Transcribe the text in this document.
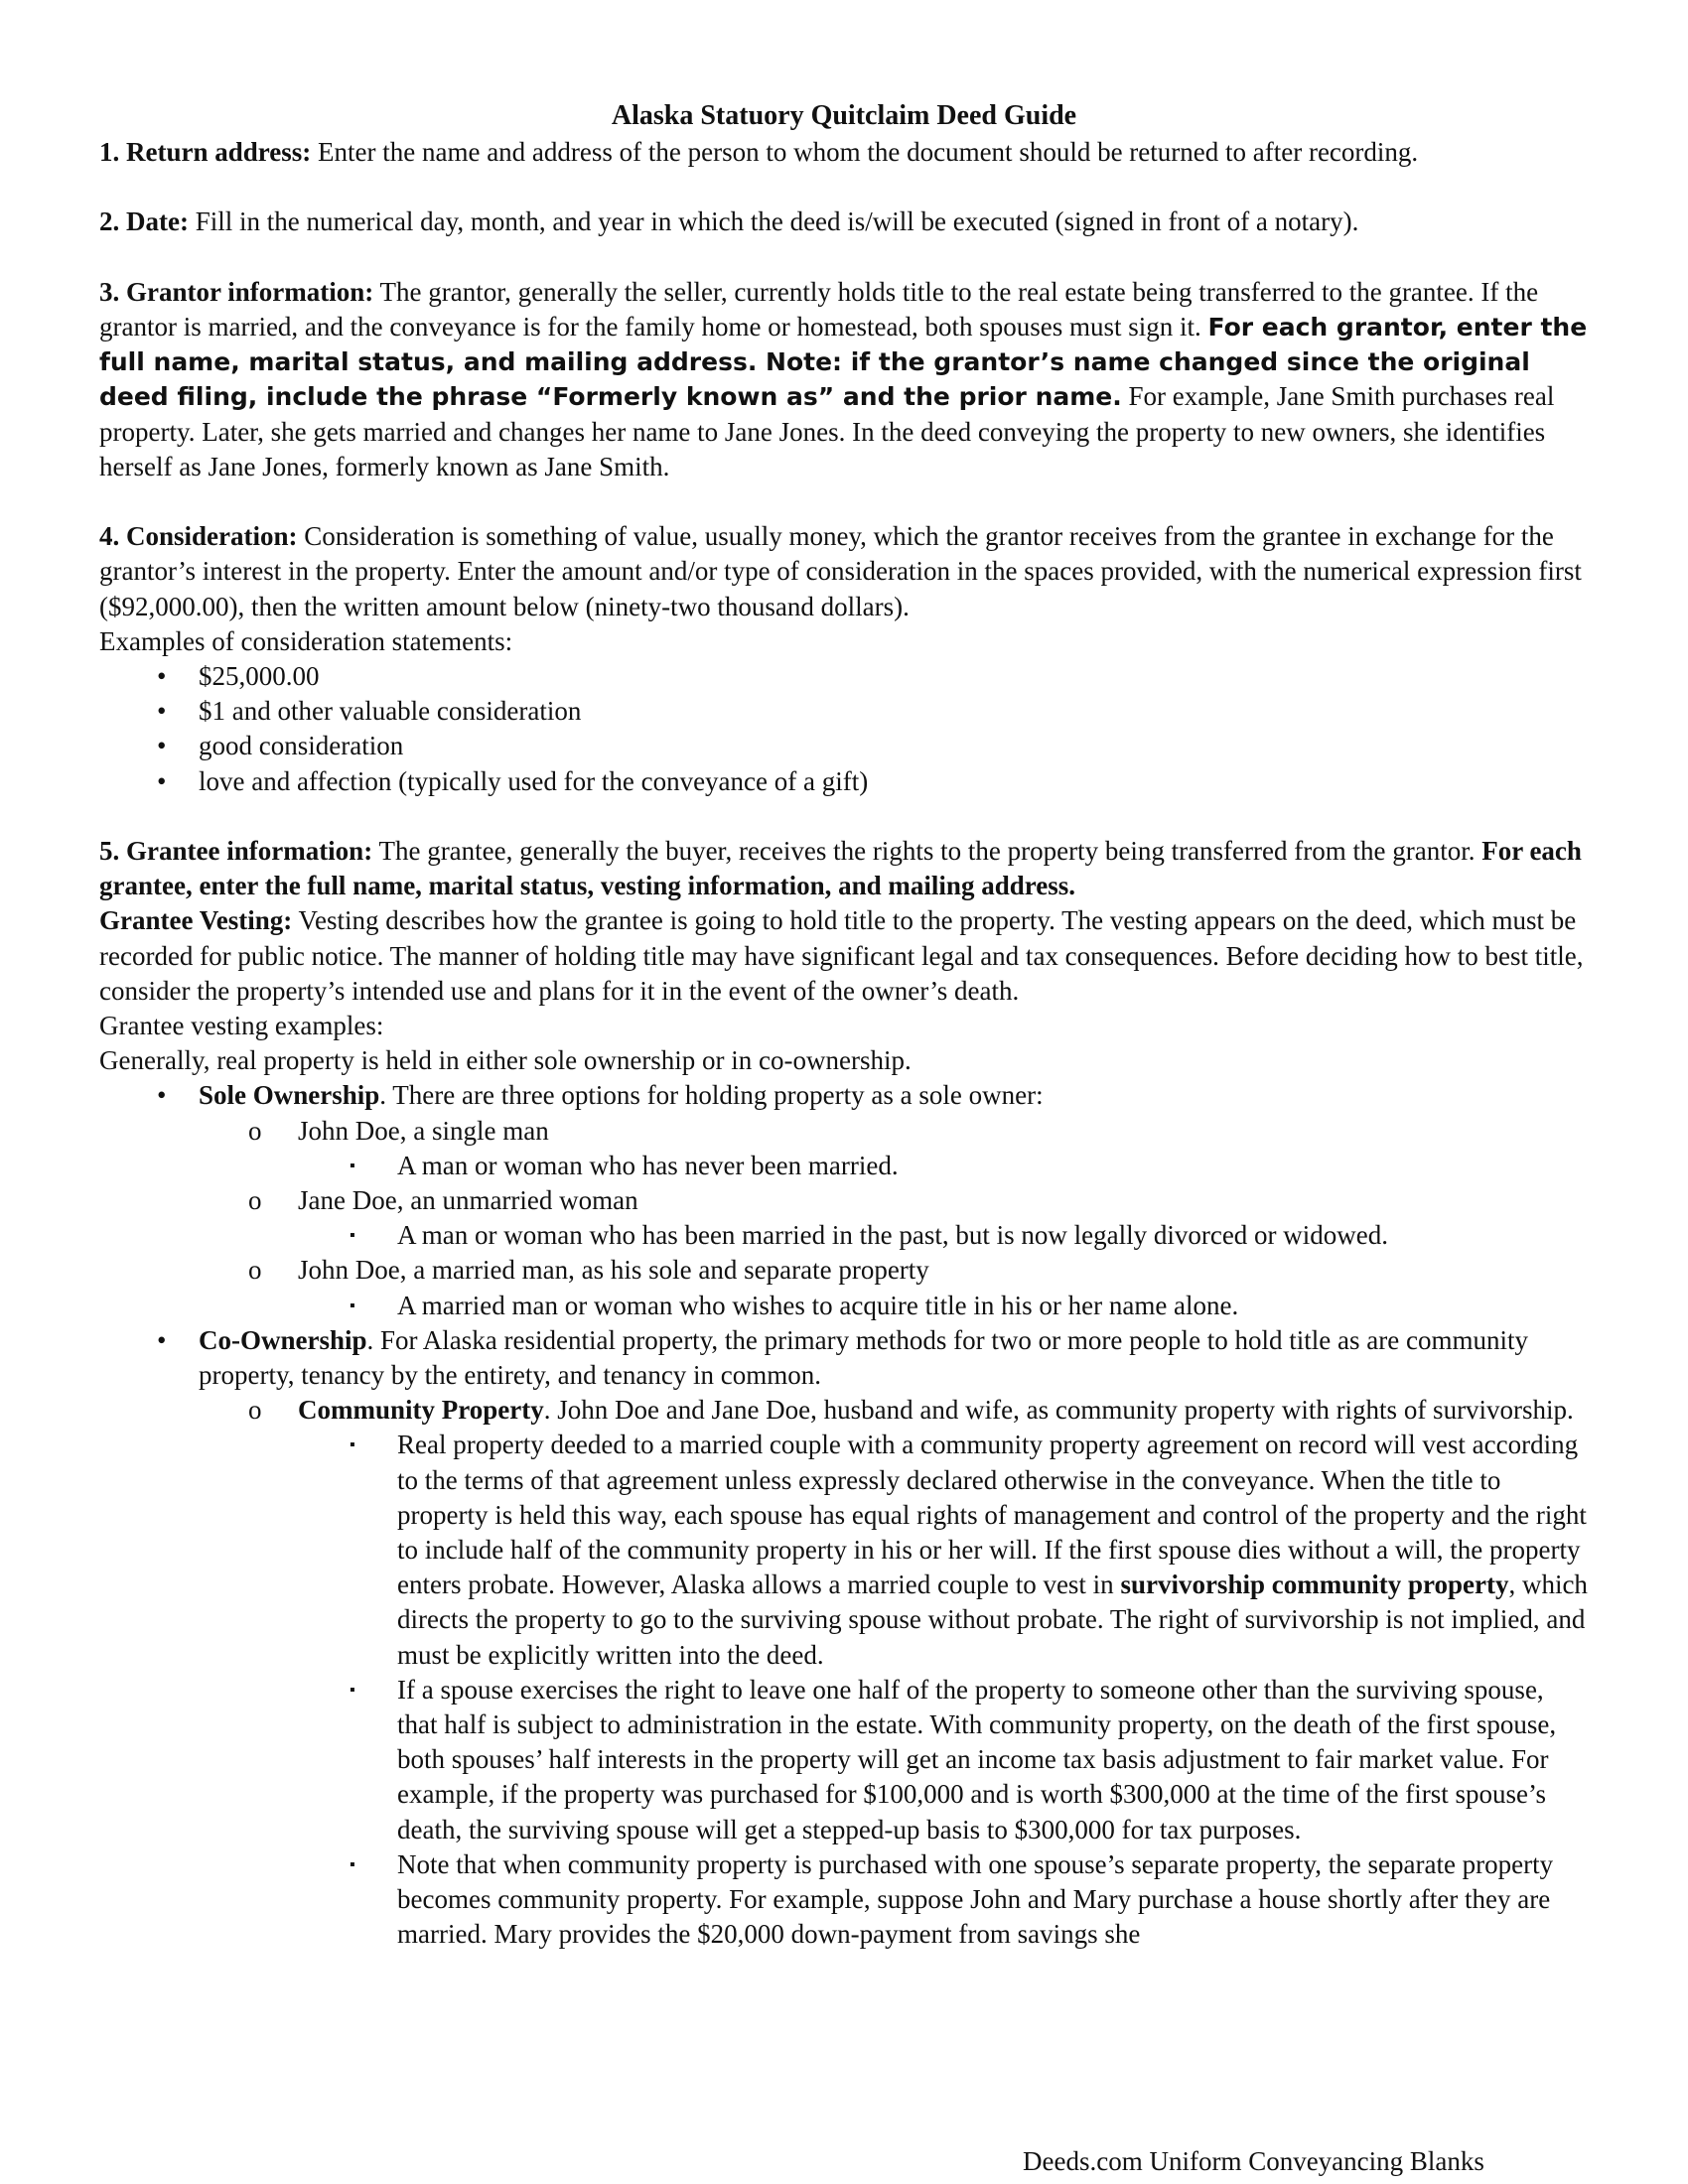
Alaska Statuory Quitclaim Deed Guide

1. Return address: Enter the name and address of the person to whom the document should be returned to after recording.

2. Date: Fill in the numerical day, month, and year in which the deed is/will be executed (signed in front of a notary).

3. Grantor information: The grantor, generally the seller, currently holds title to the real estate being transferred to the grantee. If the grantor is married, and the conveyance is for the family home or homestead, both spouses must sign it. For each grantor, enter the full name, marital status, and mailing address. Note: if the grantor’s name changed since the original deed filing, include the phrase “Formerly known as” and the prior name. For example, Jane Smith purchases real property. Later, she gets married and changes her name to Jane Jones. In the deed conveying the property to new owners, she identifies herself as Jane Jones, formerly known as Jane Smith.

4. Consideration: Consideration is something of value, usually money, which the grantor receives from the grantee in exchange for the grantor’s interest in the property. Enter the amount and/or type of consideration in the spaces provided, with the numerical expression first ($92,000.00), then the written amount below (ninety-two thousand dollars).

Examples of consideration statements:

• $25,000.00
• $1 and other valuable consideration
• good consideration
• love and affection (typically used for the conveyance of a gift)

5. Grantee information: The grantee, generally the buyer, receives the rights to the property being transferred from the grantor. For each grantee, enter the full name, marital status, vesting information, and mailing address.

Grantee Vesting: Vesting describes how the grantee is going to hold title to the property. The vesting appears on the deed, which must be recorded for public notice. The manner of holding title may have significant legal and tax consequences. Before deciding how to best title, consider the property’s intended use and plans for it in the event of the owner’s death.

Grantee vesting examples:

Generally, real property is held in either sole ownership or in co-ownership.

• Sole Ownership. There are three options for holding property as a sole owner:
o John Doe, a single man
▪ A man or woman who has never been married.
o Jane Doe, an unmarried woman
▪ A man or woman who has been married in the past, but is now legally divorced or widowed.
o John Doe, a married man, as his sole and separate property
▪ A married man or woman who wishes to acquire title in his or her name alone.
• Co-Ownership. For Alaska residential property, the primary methods for two or more people to hold title as are community property, tenancy by the entirety, and tenancy in common.
o Community Property. John Doe and Jane Doe, husband and wife, as community property with rights of survivorship.
▪ Real property deeded to a married couple with a community property agreement on record will vest according to the terms of that agreement unless expressly declared otherwise in the conveyance. When the title to property is held this way, each spouse has equal rights of management and control of the property and the right to include half of the community property in his or her will. If the first spouse dies without a will, the property enters probate. However, Alaska allows a married couple to vest in survivorship community property, which directs the property to go to the surviving spouse without probate. The right of survivorship is not implied, and must be explicitly written into the deed.
▪ If a spouse exercises the right to leave one half of the property to someone other than the surviving spouse, that half is subject to administration in the estate. With community property, on the death of the first spouse, both spouses’ half interests in the property will get an income tax basis adjustment to fair market value. For example, if the property was purchased for $100,000 and is worth $300,000 at the time of the first spouse’s death, the surviving spouse will get a stepped-up basis to $300,000 for tax purposes.
▪ Note that when community property is purchased with one spouse’s separate property, the separate property becomes community property. For example, suppose John and Mary purchase a house shortly after they are married. Mary provides the $20,000 down-payment from savings she
Deeds.com Uniform Conveyancing Blanks
